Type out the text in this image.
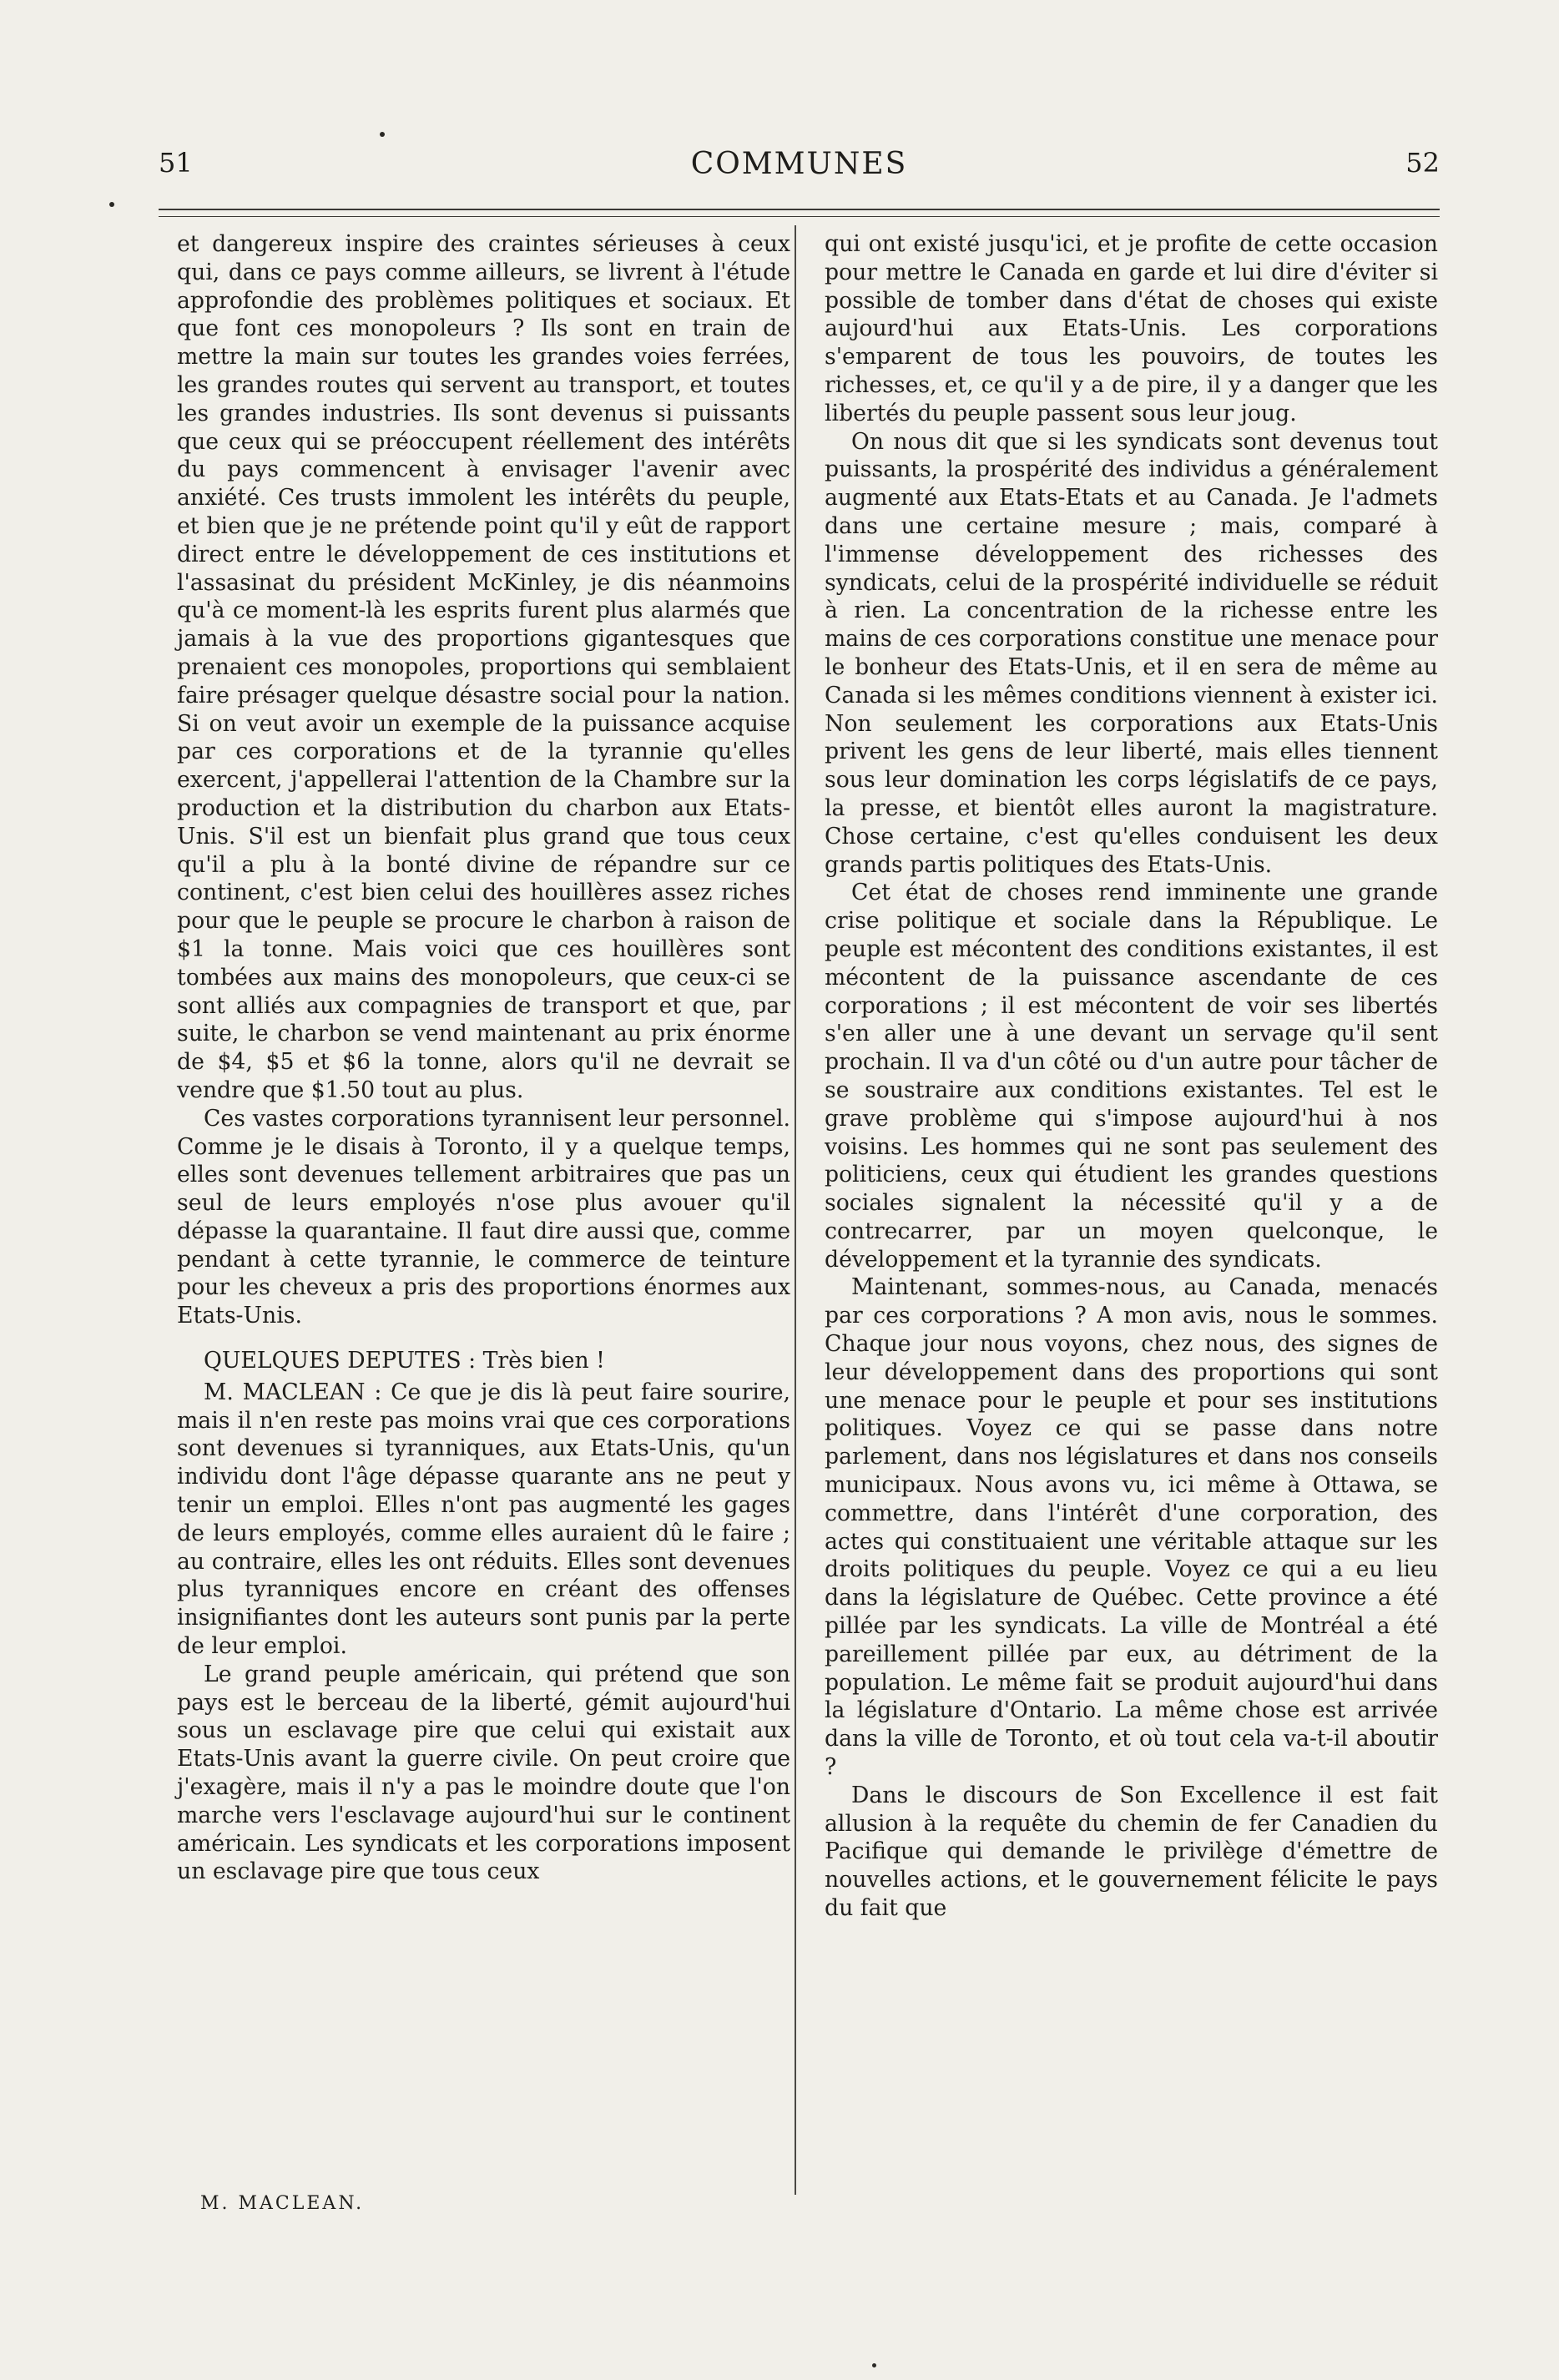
51	COMMUNES	52

et dangereux inspire des craintes sérieuses à ceux qui, dans ce pays comme ailleurs, se livrent à l'étude approfondie des problèmes politiques et sociaux. Et que font ces monopoleurs ? Ils sont en train de mettre la main sur toutes les grandes voies ferrées, les grandes routes qui servent au transport, et toutes les grandes industries. Ils sont devenus si puissants que ceux qui se préoccupent réellement des intérêts du pays commencent à envisager l'avenir avec anxiété. Ces trusts immolent les intérêts du peuple, et bien que je ne prétende point qu'il y eût de rapport direct entre le développement de ces institutions et l'assasinat du président McKinley, je dis néanmoins qu'à ce moment-là les esprits furent plus alarmés que jamais à la vue des proportions gigantesques que prenaient ces monopoles, proportions qui semblaient faire présager quelque désastre social pour la nation. Si on veut avoir un exemple de la puissance acquise par ces corporations et de la tyrannie qu'elles exercent, j'appellerai l'attention de la Chambre sur la production et la distribution du charbon aux Etats-Unis. S'il est un bienfait plus grand que tous ceux qu'il a plu à la bonté divine de répandre sur ce continent, c'est bien celui des houillères assez riches pour que le peuple se procure le charbon à raison de $1 la tonne. Mais voici que ces houillères sont tombées aux mains des monopoleurs, que ceux-ci se sont alliés aux compagnies de transport et que, par suite, le charbon se vend maintenant au prix énorme de $4, $5 et $6 la tonne, alors qu'il ne devrait se vendre que $1.50 tout au plus.

Ces vastes corporations tyrannisent leur personnel. Comme je le disais à Toronto, il y a quelque temps, elles sont devenues tellement arbitraires que pas un seul de leurs employés n'ose plus avouer qu'il dépasse la quarantaine. Il faut dire aussi que, comme pendant à cette tyrannie, le commerce de teinture pour les cheveux a pris des proportions énormes aux Etats-Unis.

QUELQUES DEPUTES : Très bien !

M. MACLEAN : Ce que je dis là peut faire sourire, mais il n'en reste pas moins vrai que ces corporations sont devenues si tyranniques, aux Etats-Unis, qu'un individu dont l'âge dépasse quarante ans ne peut y tenir un emploi. Elles n'ont pas augmenté les gages de leurs employés, comme elles auraient dû le faire ; au contraire, elles les ont réduits. Elles sont devenues plus tyranniques encore en créant des offenses insignifiantes dont les auteurs sont punis par la perte de leur emploi.

Le grand peuple américain, qui prétend que son pays est le berceau de la liberté, gémit aujourd'hui sous un esclavage pire que celui qui existait aux Etats-Unis avant la guerre civile. On peut croire que j'exagère, mais il n'y a pas le moindre doute que l'on marche vers l'esclavage aujourd'hui sur le continent américain. Les syndicats et les corporations imposent un esclavage pire que tous ceux

qui ont existé jusqu'ici, et je profite de cette occasion pour mettre le Canada en garde et lui dire d'éviter si possible de tomber dans d'état de choses qui existe aujourd'hui aux Etats-Unis. Les corporations s'emparent de tous les pouvoirs, de toutes les richesses, et, ce qu'il y a de pire, il y a danger que les libertés du peuple passent sous leur joug.

On nous dit que si les syndicats sont devenus tout puissants, la prospérité des individus a généralement augmenté aux Etats-Etats et au Canada. Je l'admets dans une certaine mesure ; mais, comparé à l'immense développement des richesses des syndicats, celui de la prospérité individuelle se réduit à rien. La concentration de la richesse entre les mains de ces corporations constitue une menace pour le bonheur des Etats-Unis, et il en sera de même au Canada si les mêmes conditions viennent à exister ici. Non seulement les corporations aux Etats-Unis privent les gens de leur liberté, mais elles tiennent sous leur domination les corps législatifs de ce pays, la presse, et bientôt elles auront la magistrature. Chose certaine, c'est qu'elles conduisent les deux grands partis politiques des Etats-Unis.

Cet état de choses rend imminente une grande crise politique et sociale dans la République. Le peuple est mécontent des conditions existantes, il est mécontent de la puissance ascendante de ces corporations ; il est mécontent de voir ses libertés s'en aller une à une devant un servage qu'il sent prochain. Il va d'un côté ou d'un autre pour tâcher de se soustraire aux conditions existantes. Tel est le grave problème qui s'impose aujourd'hui à nos voisins. Les hommes qui ne sont pas seulement des politiciens, ceux qui étudient les grandes questions sociales signalent la nécessité qu'il y a de contrecarrer, par un moyen quelconque, le développement et la tyrannie des syndicats.

Maintenant, sommes-nous, au Canada, menacés par ces corporations ? A mon avis, nous le sommes. Chaque jour nous voyons, chez nous, des signes de leur développement dans des proportions qui sont une menace pour le peuple et pour ses institutions politiques. Voyez ce qui se passe dans notre parlement, dans nos législatures et dans nos conseils municipaux. Nous avons vu, ici même à Ottawa, se commettre, dans l'intérêt d'une corporation, des actes qui constituaient une véritable attaque sur les droits politiques du peuple. Voyez ce qui a eu lieu dans la législature de Québec. Cette province a été pillée par les syndicats. La ville de Montréal a été pareillement pillée par eux, au détriment de la population. Le même fait se produit aujourd'hui dans la législature d'Ontario. La même chose est arrivée dans la ville de Toronto, et où tout cela va-t-il aboutir ?

Dans le discours de Son Excellence il est fait allusion à la requête du chemin de fer Canadien du Pacifique qui demande le privilège d'émettre de nouvelles actions, et le gouvernement félicite le pays du fait que

M. MACLEAN.
